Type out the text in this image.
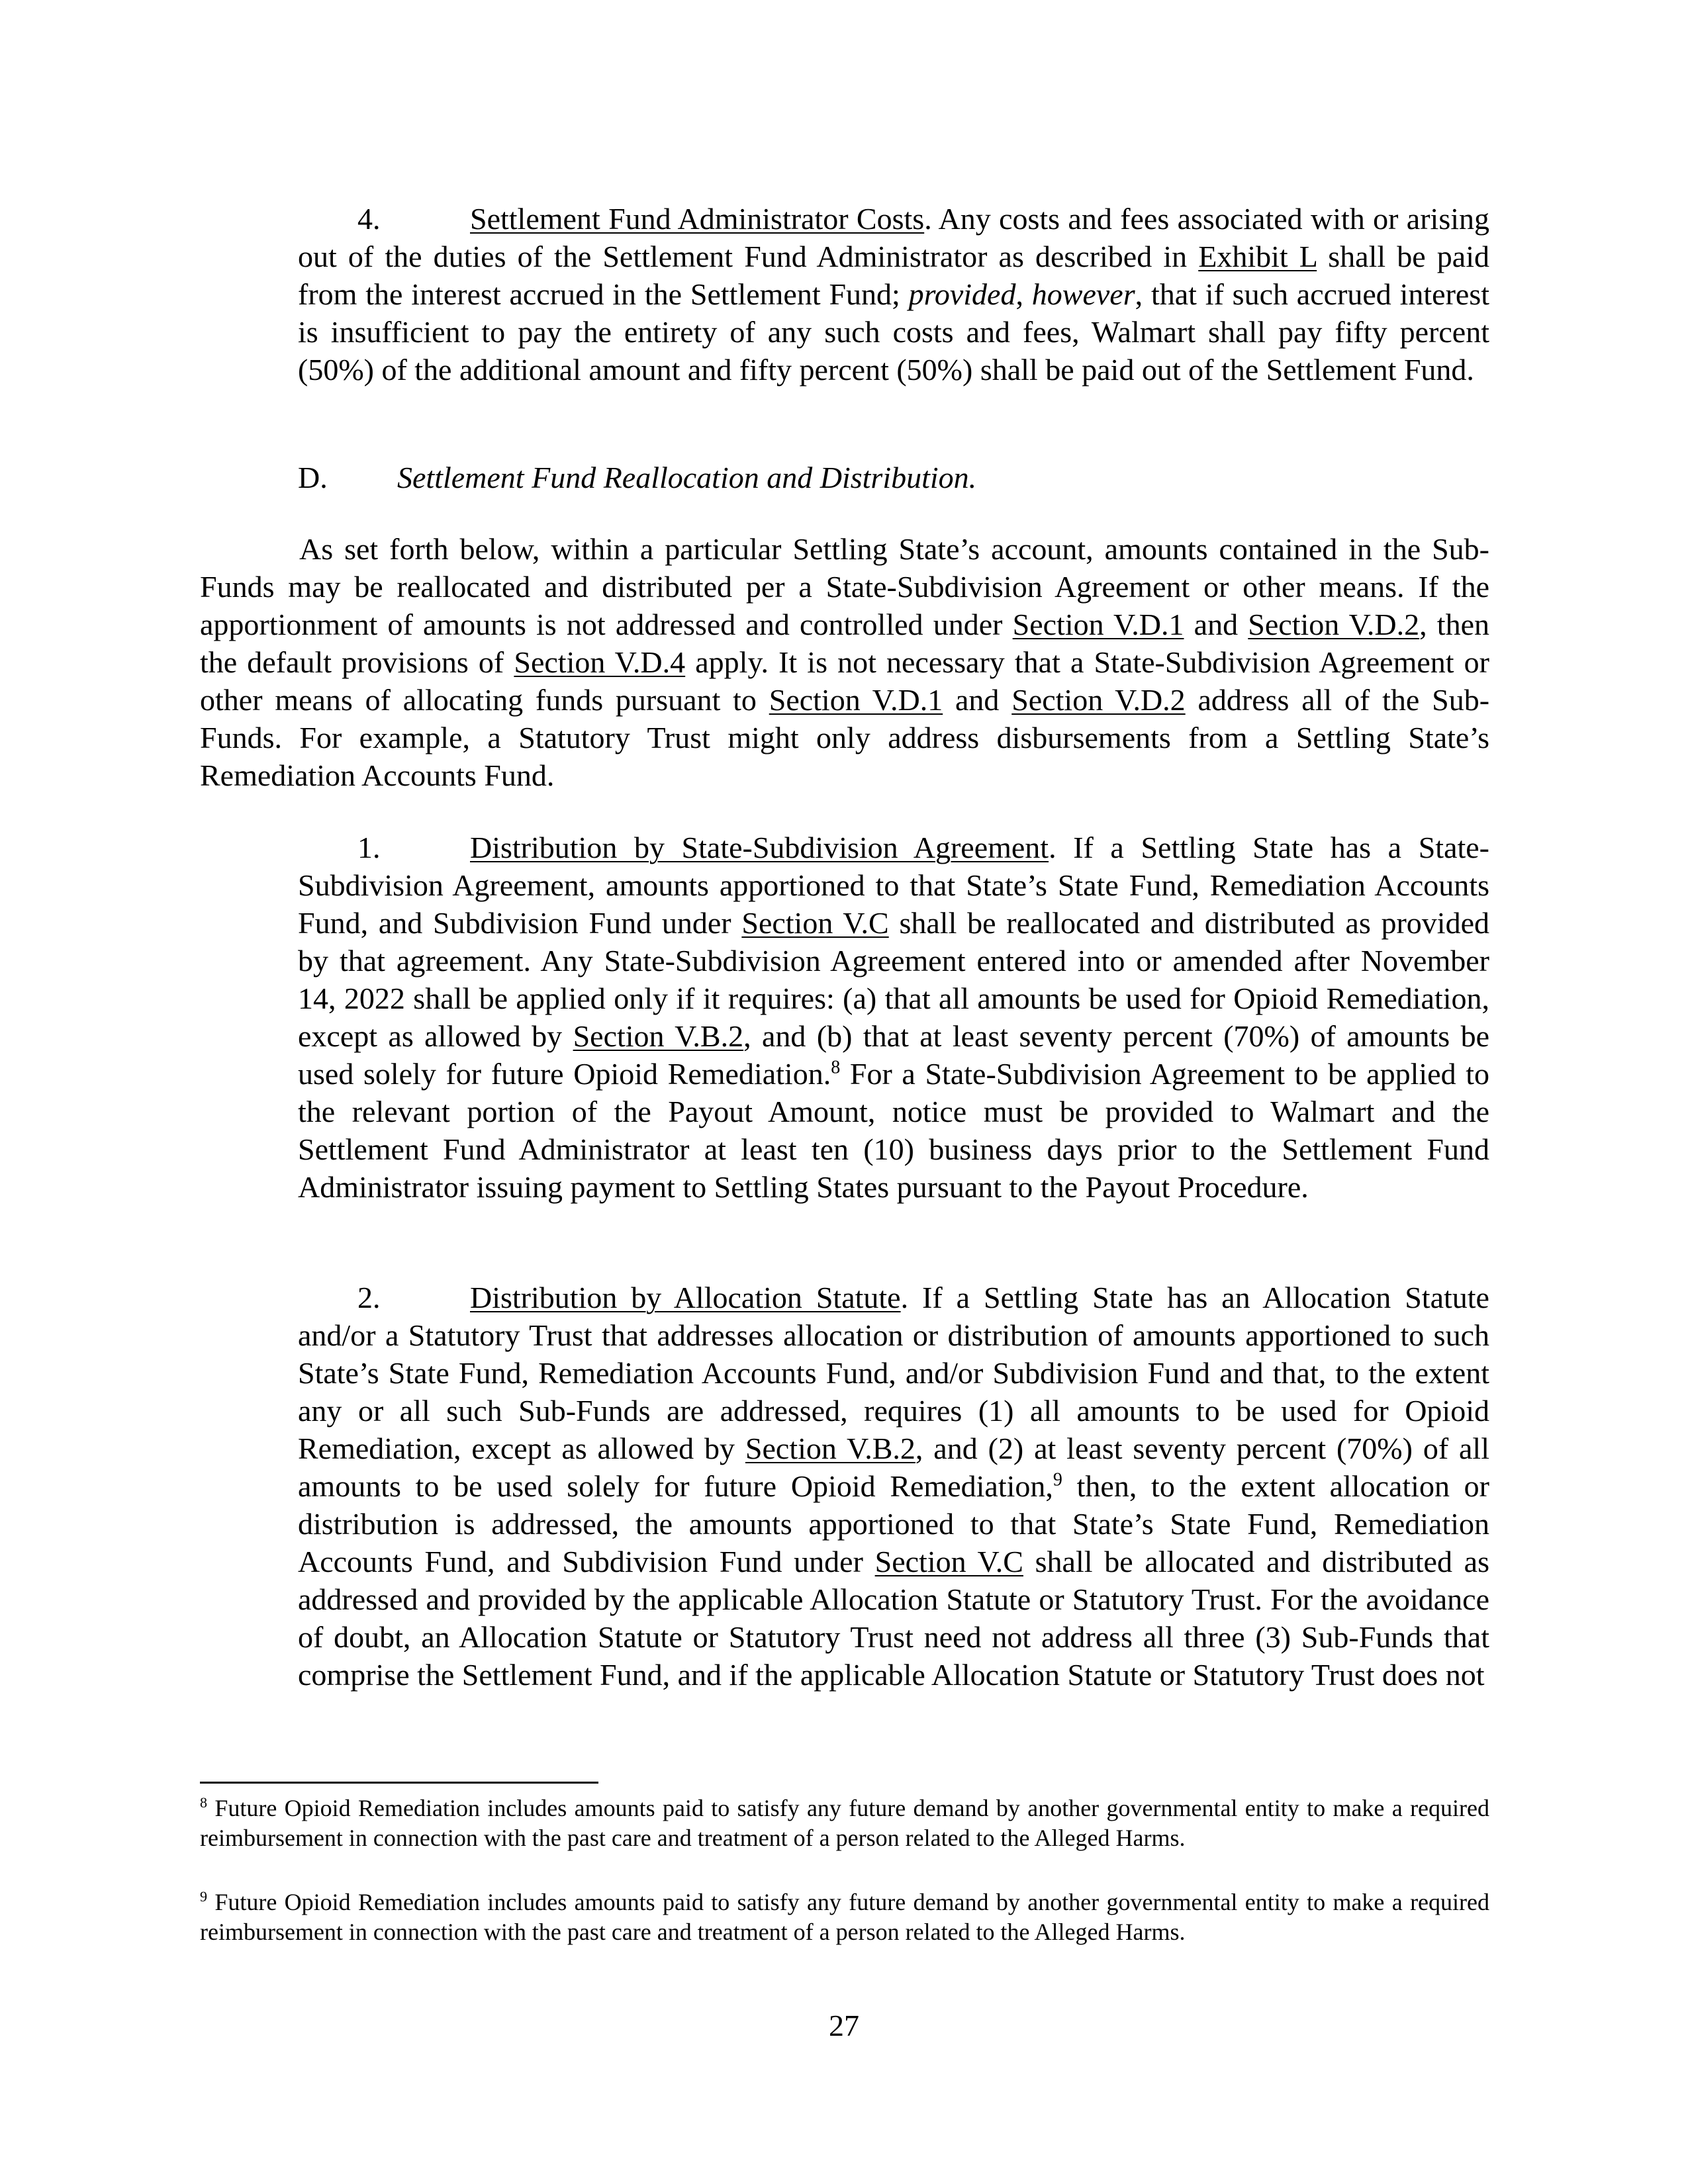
4.	Settlement Fund Administrator Costs. Any costs and fees associated with or arising out of the duties of the Settlement Fund Administrator as described in Exhibit L shall be paid from the interest accrued in the Settlement Fund; provided, however, that if such accrued interest is insufficient to pay the entirety of any such costs and fees, Walmart shall pay fifty percent (50%) of the additional amount and fifty percent (50%) shall be paid out of the Settlement Fund.
D. Settlement Fund Reallocation and Distribution.
As set forth below, within a particular Settling State’s account, amounts contained in the Sub-Funds may be reallocated and distributed per a State-Subdivision Agreement or other means. If the apportionment of amounts is not addressed and controlled under Section V.D.1 and Section V.D.2, then the default provisions of Section V.D.4 apply. It is not necessary that a State-Subdivision Agreement or other means of allocating funds pursuant to Section V.D.1 and Section V.D.2 address all of the Sub-Funds. For example, a Statutory Trust might only address disbursements from a Settling State’s Remediation Accounts Fund.
1.	Distribution by State-Subdivision Agreement. If a Settling State has a State-Subdivision Agreement, amounts apportioned to that State’s State Fund, Remediation Accounts Fund, and Subdivision Fund under Section V.C shall be reallocated and distributed as provided by that agreement. Any State-Subdivision Agreement entered into or amended after November 14, 2022 shall be applied only if it requires: (a) that all amounts be used for Opioid Remediation, except as allowed by Section V.B.2, and (b) that at least seventy percent (70%) of amounts be used solely for future Opioid Remediation.$^8$ For a State-Subdivision Agreement to be applied to the relevant portion of the Payout Amount, notice must be provided to Walmart and the Settlement Fund Administrator at least ten (10) business days prior to the Settlement Fund Administrator issuing payment to Settling States pursuant to the Payout Procedure.
2.	Distribution by Allocation Statute. If a Settling State has an Allocation Statute and/or a Statutory Trust that addresses allocation or distribution of amounts apportioned to such State’s State Fund, Remediation Accounts Fund, and/or Subdivision Fund and that, to the extent any or all such Sub-Funds are addressed, requires (1) all amounts to be used for Opioid Remediation, except as allowed by Section V.B.2, and (2) at least seventy percent (70%) of all amounts to be used solely for future Opioid Remediation,$^9$ then, to the extent allocation or distribution is addressed, the amounts apportioned to that State’s State Fund, Remediation Accounts Fund, and Subdivision Fund under Section V.C shall be allocated and distributed as addressed and provided by the applicable Allocation Statute or Statutory Trust. For the avoidance of doubt, an Allocation Statute or Statutory Trust need not address all three (3) Sub-Funds that comprise the Settlement Fund, and if the applicable Allocation Statute or Statutory Trust does not
$^8$ Future Opioid Remediation includes amounts paid to satisfy any future demand by another governmental entity to make a required reimbursement in connection with the past care and treatment of a person related to the Alleged Harms.
$^9$ Future Opioid Remediation includes amounts paid to satisfy any future demand by another governmental entity to make a required reimbursement in connection with the past care and treatment of a person related to the Alleged Harms.
27
